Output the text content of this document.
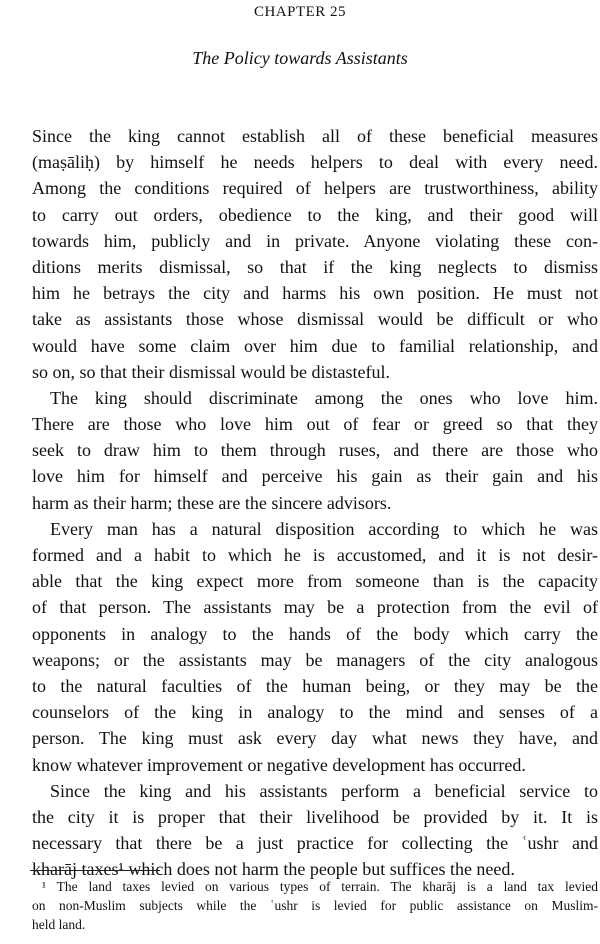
CHAPTER 25
The Policy towards Assistants
Since the king cannot establish all of these beneficial measures
(maṣāliḥ) by himself he needs helpers to deal with every need.
Among the conditions required of helpers are trustworthiness, ability
to carry out orders, obedience to the king, and their good will
towards him, publicly and in private. Anyone violating these con-
ditions merits dismissal, so that if the king neglects to dismiss
him he betrays the city and harms his own position. He must not
take as assistants those whose dismissal would be difficult or who
would have some claim over him due to familial relationship, and
so on, so that their dismissal would be distasteful.
The king should discriminate among the ones who love him.
There are those who love him out of fear or greed so that they
seek to draw him to them through ruses, and there are those who
love him for himself and perceive his gain as their gain and his
harm as their harm; these are the sincere advisors.
Every man has a natural disposition according to which he was
formed and a habit to which he is accustomed, and it is not desir-
able that the king expect more from someone than is the capacity
of that person. The assistants may be a protection from the evil of
opponents in analogy to the hands of the body which carry the
weapons; or the assistants may be managers of the city analogous
to the natural faculties of the human being, or they may be the
counselors of the king in analogy to the mind and senses of a
person. The king must ask every day what news they have, and
know whatever improvement or negative development has occurred.
Since the king and his assistants perform a beneficial service to
the city it is proper that their livelihood be provided by it. It is
necessary that there be a just practice for collecting the ʿushr and
kharāj taxes¹ which does not harm the people but suffices the need.
¹ The land taxes levied on various types of terrain. The kharāj is a land tax levied
on non-Muslim subjects while the ʿushr is levied for public assistance on Muslim-
held land.
